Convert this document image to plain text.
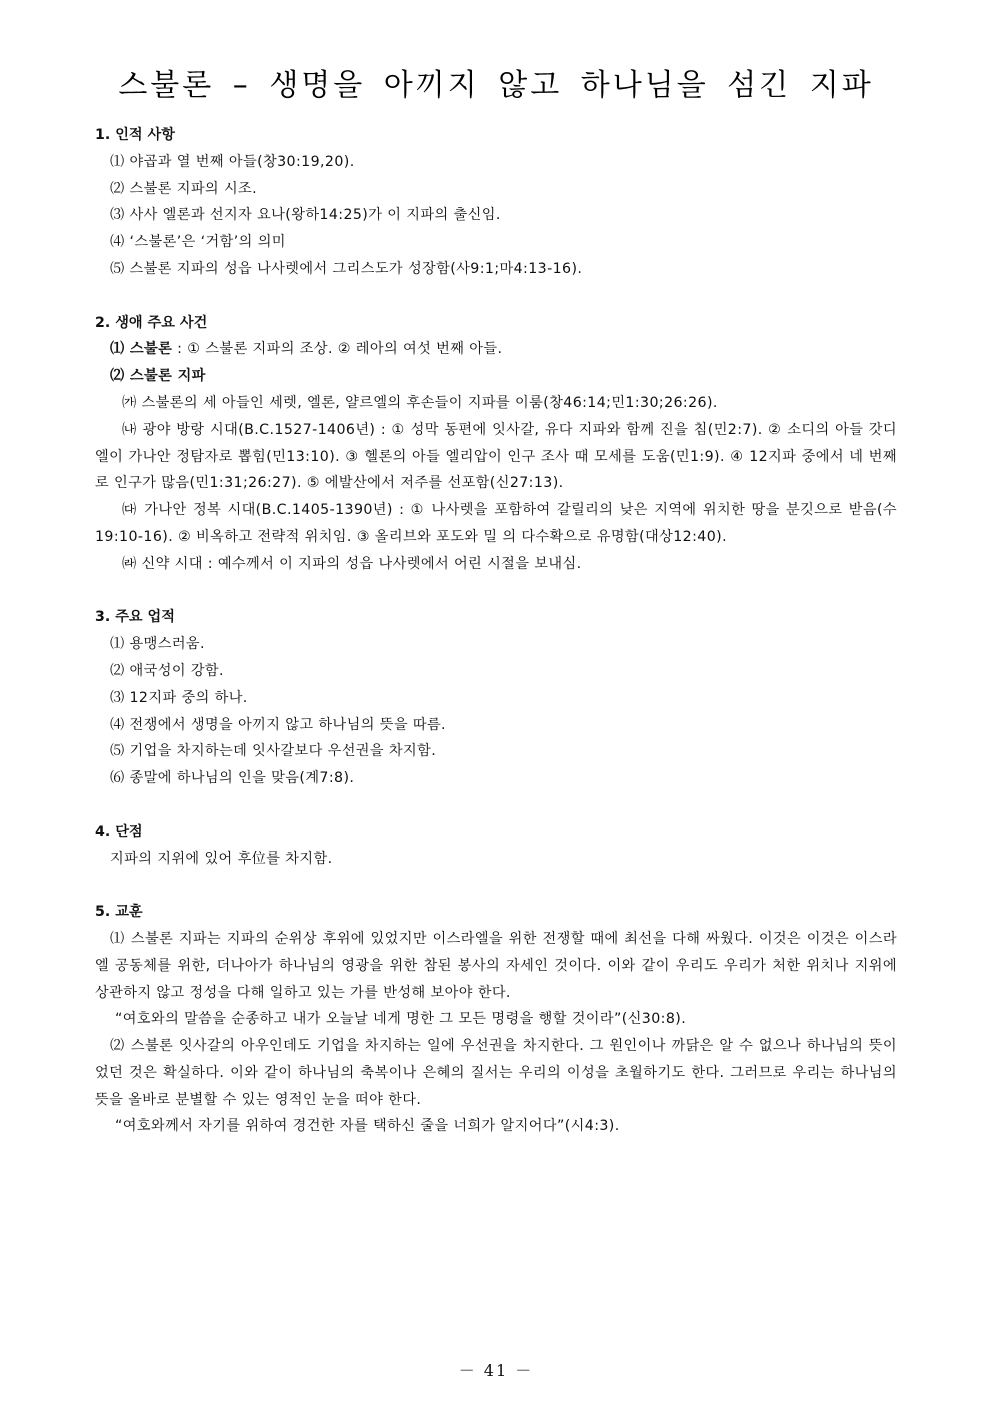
스불론 – 생명을 아끼지 않고 하나님을 섬긴 지파

1. 인적 사항

⑴ 야곱과 열 번째 아들(창30:19,20).

⑵ 스불론 지파의 시조.

⑶ 사사 엘론과 선지자 요나(왕하14:25)가 이 지파의 출신임.

⑷ ‘스불론’은 ‘거함’의 의미

⑸ 스불론 지파의 성읍 나사렛에서 그리스도가 성장함(사9:1;마4:13-16).

2. 생애 주요 사건

⑴ 스불론 : ① 스불론 지파의 조상. ② 레아의 여섯 번째 아들.

⑵ 스불론 지파

㈎ 스불론의 세 아들인 세렛, 엘론, 얄르엘의 후손들이 지파를 이룸(창46:14;민1:30;26:26).

㈏ 광야 방랑 시대(B.C.1527-1406년) : ① 성막 동편에 잇사갈, 유다 지파와 함께 진을 침(민2:7). ② 소디의 아들 갓디엘이 가나안 정탐자로 뽑힘(민13:10). ③ 헬론의 아들 엘리압이 인구 조사 때 모세를 도움(민1:9). ④ 12지파 중에서 네 번째로 인구가 많음(민1:31;26:27). ⑤ 에발산에서 저주를 선포함(신27:13).

㈐ 가나안 정복 시대(B.C.1405-1390년) : ① 나사렛을 포함하여 갈릴리의 낮은 지역에 위치한 땅을 분깃으로 받음(수19:10-16). ② 비옥하고 전략적 위치임. ③ 올리브와 포도와 밀 의 다수확으로 유명함(대상12:40).

㈑ 신약 시대 : 예수께서 이 지파의 성읍 나사렛에서 어린 시절을 보내심.

3. 주요 업적

⑴ 용맹스러움.

⑵ 애국성이 강함.

⑶ 12지파 중의 하나.

⑷ 전쟁에서 생명을 아끼지 않고 하나님의 뜻을 따름.

⑸ 기업을 차지하는데 잇사갈보다 우선권을 차지함.

⑹ 종말에 하나님의 인을 맞음(계7:8).

4. 단점

지파의 지위에 있어 후位를 차지함.

5. 교훈

⑴ 스불론 지파는 지파의 순위상 후위에 있었지만 이스라엘을 위한 전쟁할 때에 최선을 다해 싸웠다. 이것은 이것은 이스라엘 공동체를 위한, 더나아가 하나님의 영광을 위한 참된 봉사의 자세인 것이다. 이와 같이 우리도 우리가 처한 위치나 지위에 상관하지 않고 정성을 다해 일하고 있는 가를 반성해 보아야 한다.

“여호와의 말씀을 순종하고 내가 오늘날 네게 명한 그 모든 명령을 행할 것이라”(신30:8).

⑵ 스불론 잇사갈의 아우인데도 기업을 차지하는 일에 우선권을 차지한다. 그 원인이나 까닭은 알 수 없으나 하나님의 뜻이었던 것은 확실하다. 이와 같이 하나님의 축복이나 은혜의 질서는 우리의 이성을 초월하기도 한다. 그러므로 우리는 하나님의 뜻을 올바로 분별할 수 있는 영적인 눈을 떠야 한다.

“여호와께서 자기를 위하여 경건한 자를 택하신 줄을 너희가 알지어다”(시4:3).

－ 41 －
